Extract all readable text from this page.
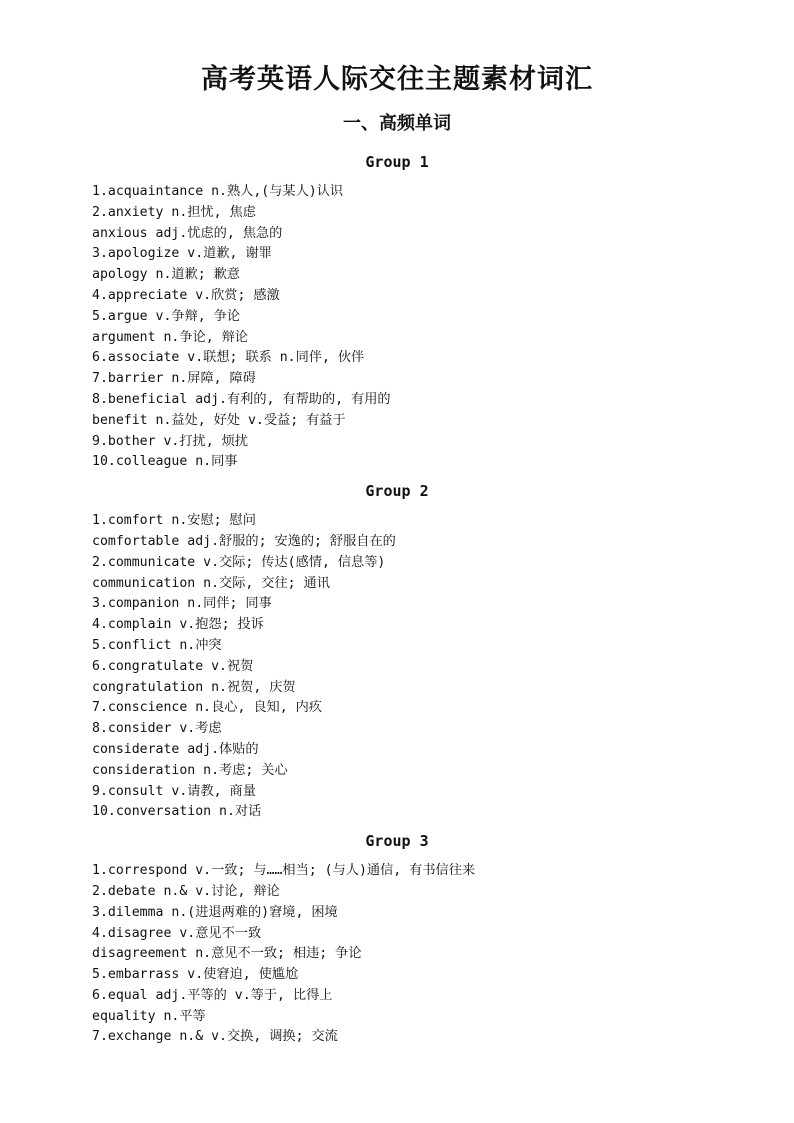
高考英语人际交往主题素材词汇
一、高频单词
Group 1
1.acquaintance n.熟人,(与某人)认识
2.anxiety n.担忧, 焦虑
anxious adj.忧虑的, 焦急的
3.apologize v.道歉, 谢罪
apology n.道歉; 歉意
4.appreciate v.欣赏; 感激
5.argue v.争辩, 争论
argument n.争论, 辩论
6.associate v.联想; 联系 n.同伴, 伙伴
7.barrier n.屏障, 障碍
8.beneficial adj.有利的, 有帮助的, 有用的
benefit n.益处, 好处 v.受益; 有益于
9.bother v.打扰, 烦扰
10.colleague n.同事
Group 2
1.comfort n.安慰; 慰问
comfortable adj.舒服的; 安逸的; 舒服自在的
2.communicate v.交际; 传达(感情, 信息等)
communication n.交际, 交往; 通讯
3.companion n.同伴; 同事
4.complain v.抱怨; 投诉
5.conflict n.冲突
6.congratulate v.祝贺
congratulation n.祝贺, 庆贺
7.conscience n.良心, 良知, 内疚
8.consider v.考虑
considerate adj.体贴的
consideration n.考虑; 关心
9.consult v.请教, 商量
10.conversation n.对话
Group 3
1.correspond v.一致; 与……相当; (与人)通信, 有书信往来
2.debate n.& v.讨论, 辩论
3.dilemma n.(进退两难的)窘境, 困境
4.disagree v.意见不一致
disagreement n.意见不一致; 相违; 争论
5.embarrass v.使窘迫, 使尴尬
6.equal adj.平等的 v.等于, 比得上
equality n.平等
7.exchange n.& v.交换, 调换; 交流
